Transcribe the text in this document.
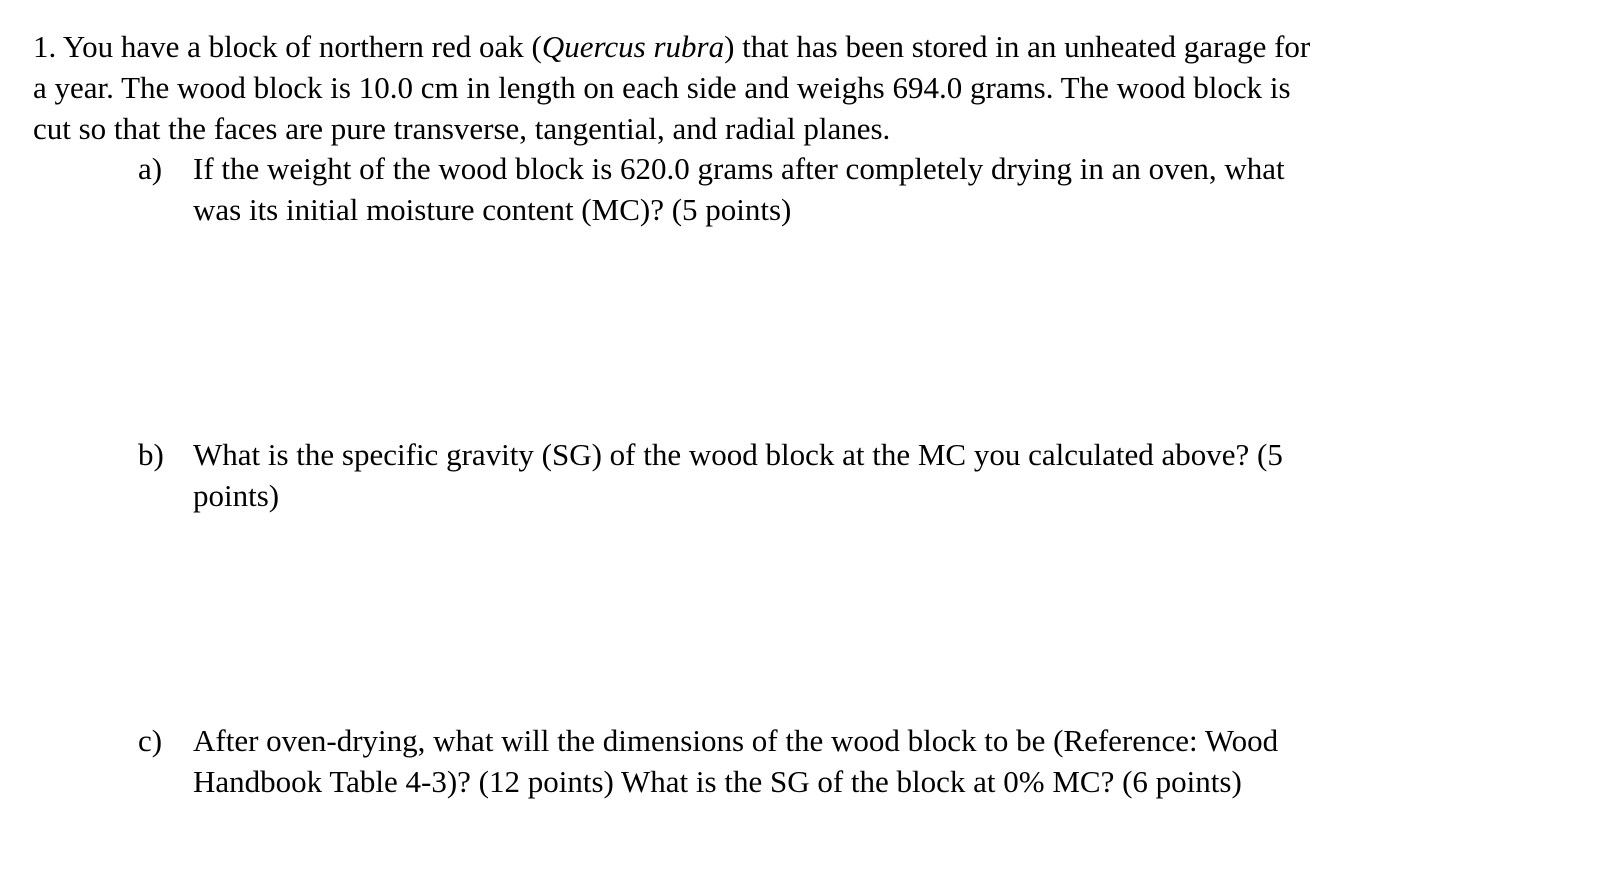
1. You have a block of northern red oak (Quercus rubra) that has been stored in an unheated garage for
a year. The wood block is 10.0 cm in length on each side and weighs 694.0 grams. The wood block is
cut so that the faces are pure transverse, tangential, and radial planes.
a) If the weight of the wood block is 620.0 grams after completely drying in an oven, what
was its initial moisture content (MC)? (5 points)
b) What is the specific gravity (SG) of the wood block at the MC you calculated above? (5
points)
c) After oven-drying, what will the dimensions of the wood block to be (Reference: Wood
Handbook Table 4-3)? (12 points) What is the SG of the block at 0% MC? (6 points)
